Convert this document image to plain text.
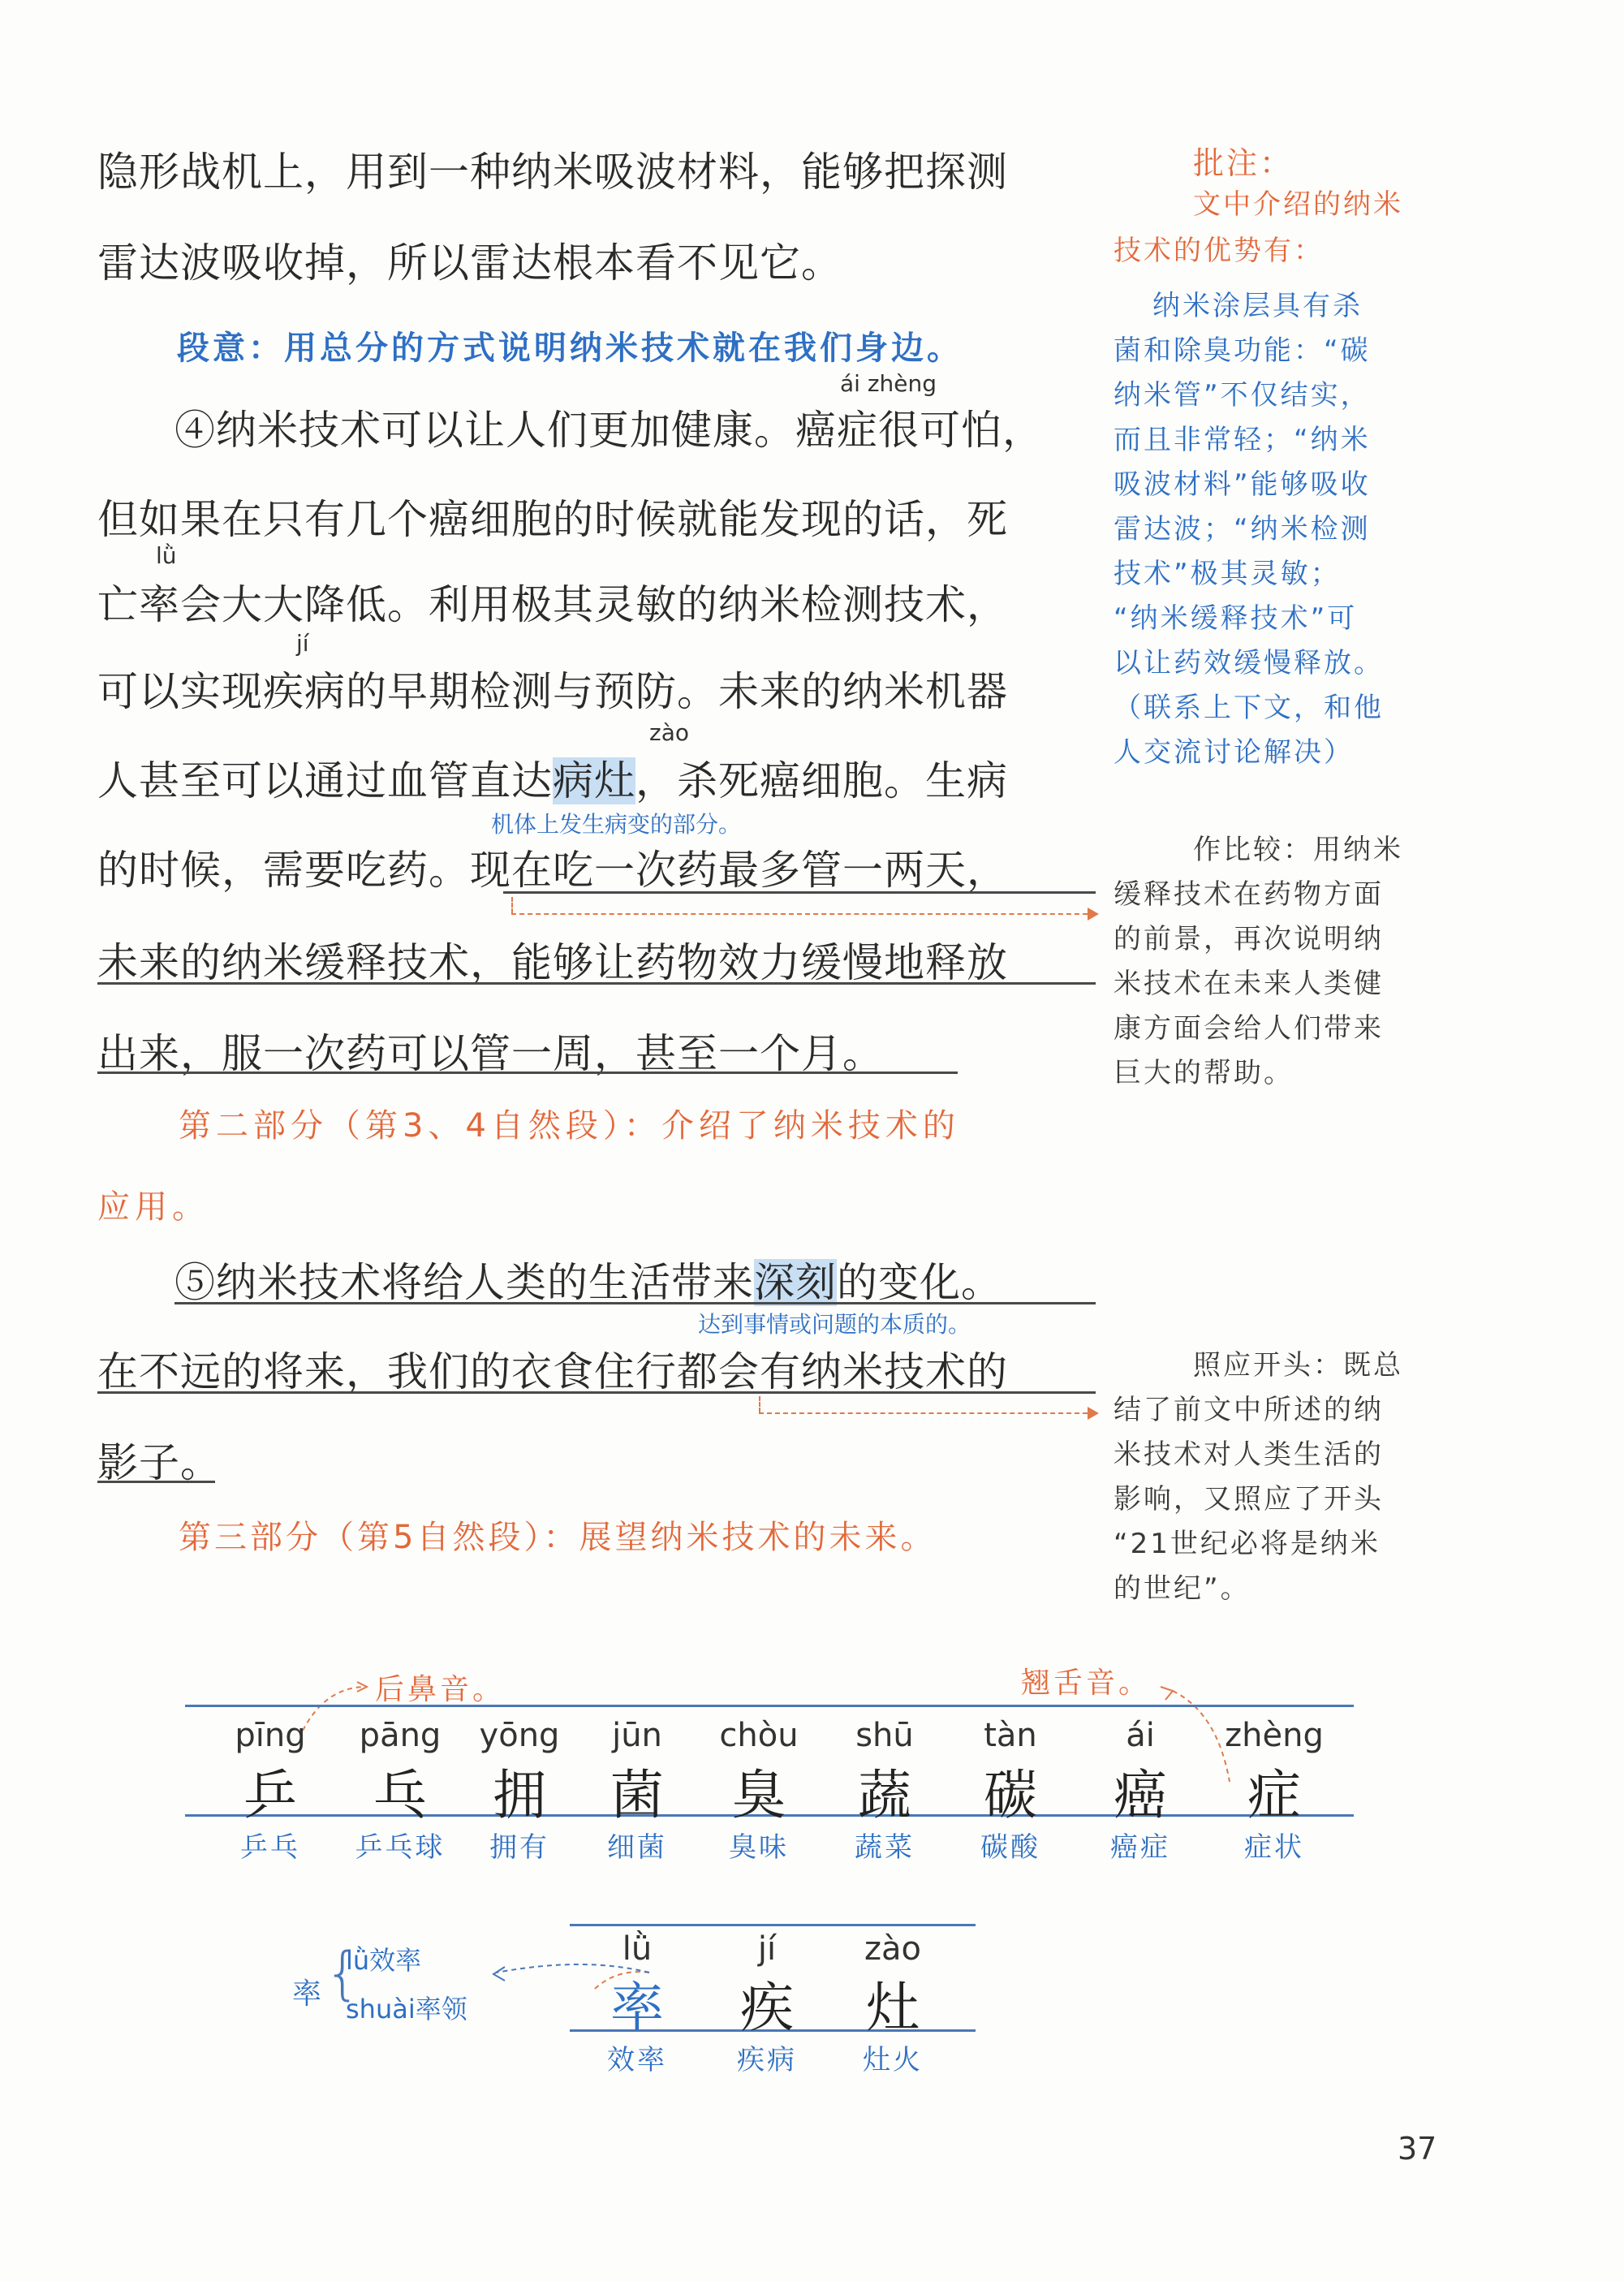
隐形战机上，用到一种纳米吸波材料，能够把探测
雷达波吸收掉，所以雷达根本看不见它。
段意：用总分的方式说明纳米技术就在我们身边。
ái zhèng
④纳米技术可以让人们更加健康。癌症很可怕，
但如果在只有几个癌细胞的时候就能发现的话，死
lǜ
亡率会大大降低。利用极其灵敏的纳米检测技术，
jí
可以实现疾病的早期检测与预防。未来的纳米机器
zào
人甚至可以通过血管直达病灶，杀死癌细胞。生病
机体上发生病变的部分。
的时候，需要吃药。现在吃一次药最多管一两天，
未来的纳米缓释技术，能够让药物效力缓慢地释放
出来，服一次药可以管一周，甚至一个月。
第二部分（第3、4自然段）：介绍了纳米技术的
应用。
⑤纳米技术将给人类的生活带来深刻的变化。
达到事情或问题的本质的。
在不远的将来，我们的衣食住行都会有纳米技术的
影子。
第三部分（第5自然段）：展望纳米技术的未来。
批注：
文中介绍的纳米
技术的优势有：
纳米涂层具有杀
菌和除臭功能：“碳
纳米管”不仅结实，
而且非常轻；“纳米
吸波材料”能够吸收
雷达波；“纳米检测
技术”极其灵敏；
“纳米缓释技术”可
以让药效缓慢释放。
（联系上下文，和他
人交流讨论解决）
作比较：用纳米
缓释技术在药物方面
的前景，再次说明纳
米技术在未来人类健
康方面会给人们带来
巨大的帮助。
照应开头：既总
结了前文中所述的纳
米技术对人类生活的
影响，又照应了开头
“21世纪必将是纳米
的世纪”。
后鼻音。	翘舌音。
pīng
乒
乒乓
pāng
乓
乒乓球
yōng
拥
拥有
jūn
菌
细菌
chòu
臭
臭味
shū
蔬
蔬菜
tàn
碳
碳酸
ái
癌
癌症
zhèng
症
症状
率 {
lǜ效率
shuài率领
lǜ
率
效率
jí
疾
疾病
zào
灶
灶火
37
